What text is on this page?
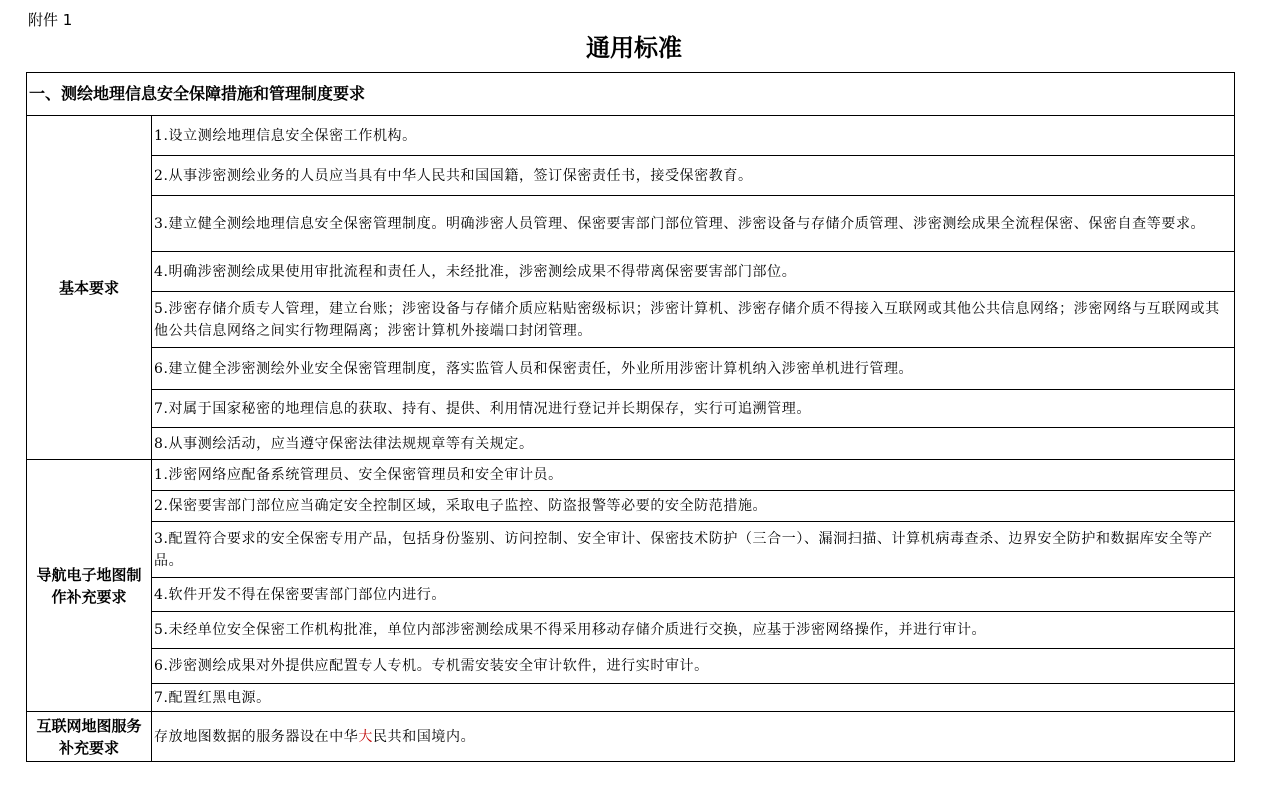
附件 1
通用标准
一、测绘地理信息安全保障措施和管理制度要求	
基本要求	1.设立测绘地理信息安全保密工作机构。
	2.从事涉密测绘业务的人员应当具有中华人民共和国国籍，签订保密责任书，接受保密教育。
	3.建立健全测绘地理信息安全保密管理制度。明确涉密人员管理、保密要害部门部位管理、涉密设备与存储介质管理、涉密测绘成果全流程保密、保密自查等要求。
	4.明确涉密测绘成果使用审批流程和责任人，未经批准，涉密测绘成果不得带离保密要害部门部位。
	5.涉密存储介质专人管理，建立台账；涉密设备与存储介质应粘贴密级标识；涉密计算机、涉密存储介质不得接入互联网或其他公共信息网络；涉密网络与互联网或其他公共信息网络之间实行物理隔离；涉密计算机外接端口封闭管理。
	6.建立健全涉密测绘外业安全保密管理制度，落实监管人员和保密责任，外业所用涉密计算机纳入涉密单机进行管理。
	7.对属于国家秘密的地理信息的获取、持有、提供、利用情况进行登记并长期保存，实行可追溯管理。
	8.从事测绘活动，应当遵守保密法律法规规章等有关规定。
导航电子地图制作补充要求	1.涉密网络应配备系统管理员、安全保密管理员和安全审计员。
	2.保密要害部门部位应当确定安全控制区域，采取电子监控、防盗报警等必要的安全防范措施。
	3.配置符合要求的安全保密专用产品，包括身份鉴别、访问控制、安全审计、保密技术防护（三合一）、漏洞扫描、计算机病毒查杀、边界安全防护和数据库安全等产品。
	4.软件开发不得在保密要害部门部位内进行。
	5.未经单位安全保密工作机构批准，单位内部涉密测绘成果不得采用移动存储介质进行交换，应基于涉密网络操作，并进行审计。
	6.涉密测绘成果对外提供应配置专人专机。专机需安装安全审计软件，进行实时审计。
	7.配置红黑电源。
互联网地图服务补充要求	存放地图数据的服务器设在中华大民共和国境内。
